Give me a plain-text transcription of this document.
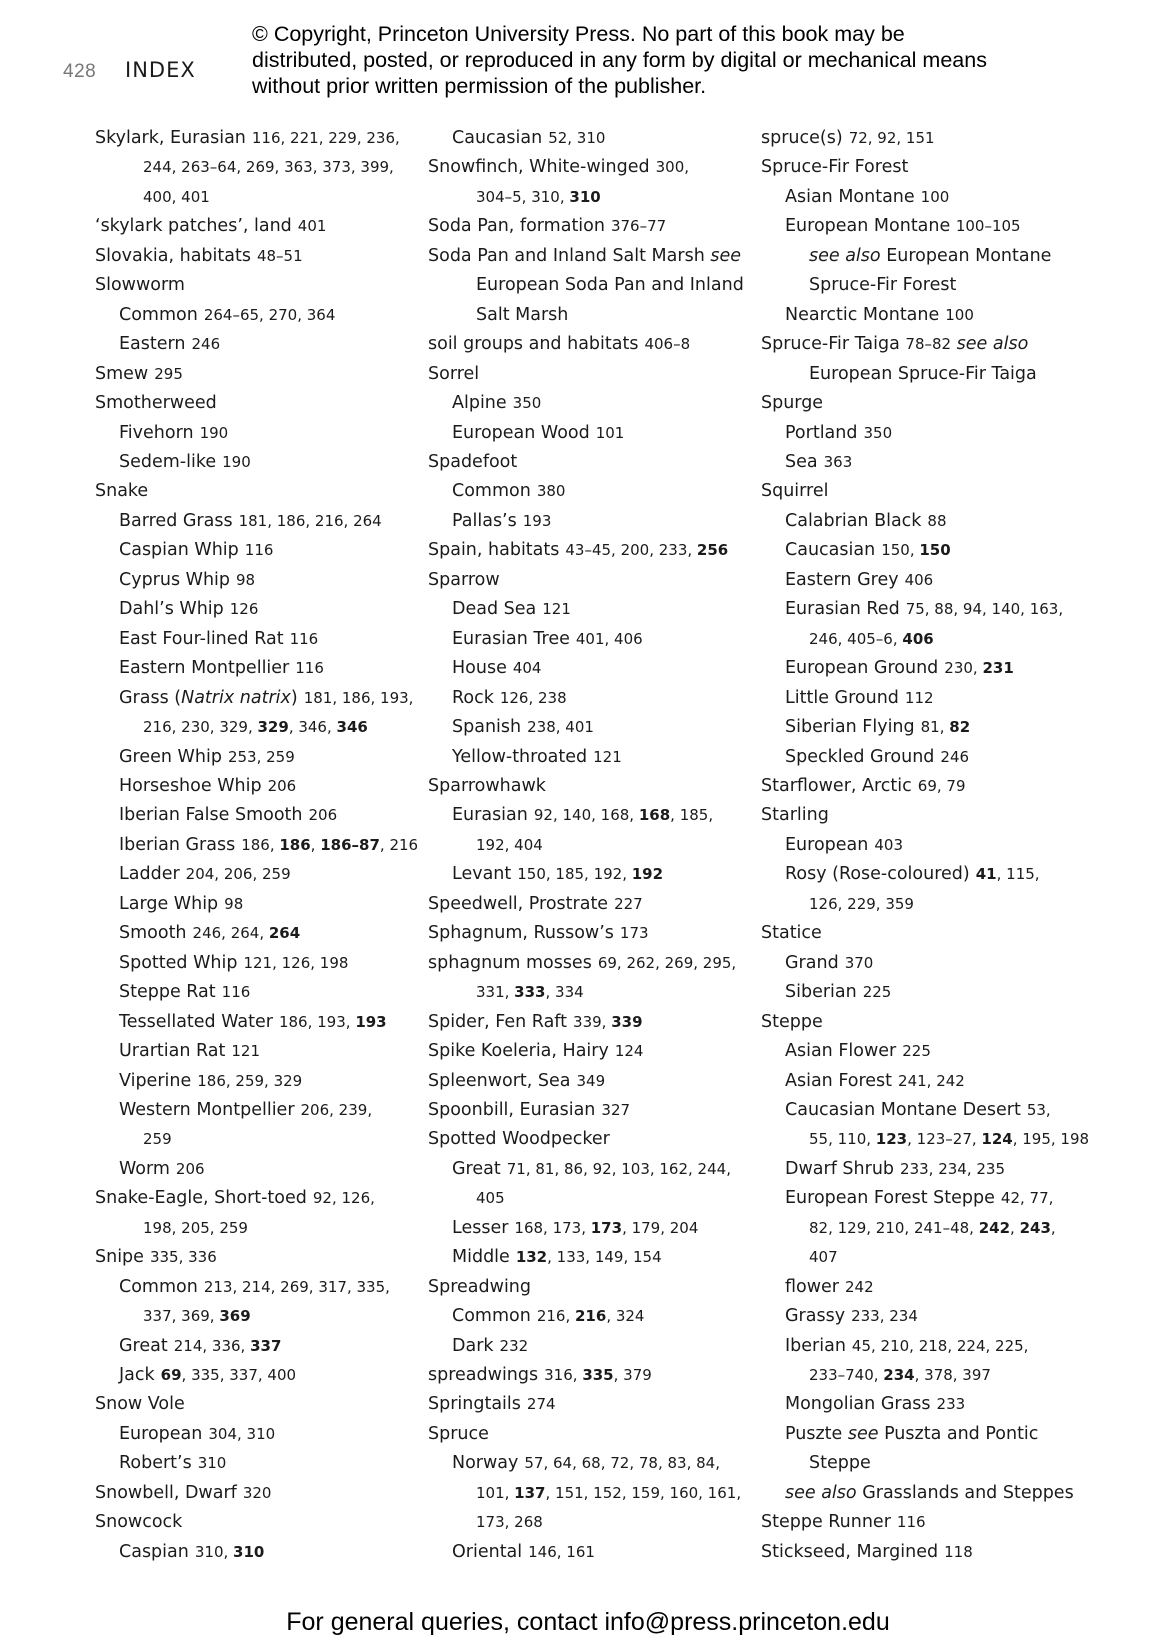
428 INDEX
© Copyright, Princeton University Press. No part of this book may be distributed, posted, or reproduced in any form by digital or mechanical means without prior written permission of the publisher.
Skylark, Eurasian 116, 221, 229, 236,
244, 263–64, 269, 363, 373, 399,
400, 401
‘skylark patches’, land 401
Slovakia, habitats 48–51
Slowworm
Common 264–65, 270, 364
Eastern 246
Smew 295
Smotherweed
Fivehorn 190
Sedem-like 190
Snake
Barred Grass 181, 186, 216, 264
Caspian Whip 116
Cyprus Whip 98
Dahl’s Whip 126
East Four-lined Rat 116
Eastern Montpellier 116
Grass (Natrix natrix) 181, 186, 193,
216, 230, 329, 329, 346, 346
Green Whip 253, 259
Horseshoe Whip 206
Iberian False Smooth 206
Iberian Grass 186, 186, 186–87, 216
Ladder 204, 206, 259
Large Whip 98
Smooth 246, 264, 264
Spotted Whip 121, 126, 198
Steppe Rat 116
Tessellated Water 186, 193, 193
Urartian Rat 121
Viperine 186, 259, 329
Western Montpellier 206, 239,
259
Worm 206
Snake-Eagle, Short-toed 92, 126,
198, 205, 259
Snipe 335, 336
Common 213, 214, 269, 317, 335,
337, 369, 369
Great 214, 336, 337
Jack 69, 335, 337, 400
Snow Vole
European 304, 310
Robert’s 310
Snowbell, Dwarf 320
Snowcock
Caspian 310, 310
Caucasian 52, 310
Snowfinch, White-winged 300,
304–5, 310, 310
Soda Pan, formation 376–77
Soda Pan and Inland Salt Marsh see
European Soda Pan and Inland
Salt Marsh
soil groups and habitats 406–8
Sorrel
Alpine 350
European Wood 101
Spadefoot
Common 380
Pallas’s 193
Spain, habitats 43–45, 200, 233, 256
Sparrow
Dead Sea 121
Eurasian Tree 401, 406
House 404
Rock 126, 238
Spanish 238, 401
Yellow-throated 121
Sparrowhawk
Eurasian 92, 140, 168, 168, 185,
192, 404
Levant 150, 185, 192, 192
Speedwell, Prostrate 227
Sphagnum, Russow’s 173
sphagnum mosses 69, 262, 269, 295,
331, 333, 334
Spider, Fen Raft 339, 339
Spike Koeleria, Hairy 124
Spleenwort, Sea 349
Spoonbill, Eurasian 327
Spotted Woodpecker
Great 71, 81, 86, 92, 103, 162, 244,
405
Lesser 168, 173, 173, 179, 204
Middle 132, 133, 149, 154
Spreadwing
Common 216, 216, 324
Dark 232
spreadwings 316, 335, 379
Springtails 274
Spruce
Norway 57, 64, 68, 72, 78, 83, 84,
101, 137, 151, 152, 159, 160, 161,
173, 268
Oriental 146, 161
spruce(s) 72, 92, 151
Spruce-Fir Forest
Asian Montane 100
European Montane 100–105
see also European Montane
Spruce-Fir Forest
Nearctic Montane 100
Spruce-Fir Taiga 78–82 see also
European Spruce-Fir Taiga
Spurge
Portland 350
Sea 363
Squirrel
Calabrian Black 88
Caucasian 150, 150
Eastern Grey 406
Eurasian Red 75, 88, 94, 140, 163,
246, 405–6, 406
European Ground 230, 231
Little Ground 112
Siberian Flying 81, 82
Speckled Ground 246
Starflower, Arctic 69, 79
Starling
European 403
Rosy (Rose-coloured) 41, 115,
126, 229, 359
Statice
Grand 370
Siberian 225
Steppe
Asian Flower 225
Asian Forest 241, 242
Caucasian Montane Desert 53,
55, 110, 123, 123–27, 124, 195, 198
Dwarf Shrub 233, 234, 235
European Forest Steppe 42, 77,
82, 129, 210, 241–48, 242, 243,
407
flower 242
Grassy 233, 234
Iberian 45, 210, 218, 224, 225,
233–740, 234, 378, 397
Mongolian Grass 233
Puszte see Puszta and Pontic
Steppe
see also Grasslands and Steppes
Steppe Runner 116
Stickseed, Margined 118
For general queries, contact info@press.princeton.edu
